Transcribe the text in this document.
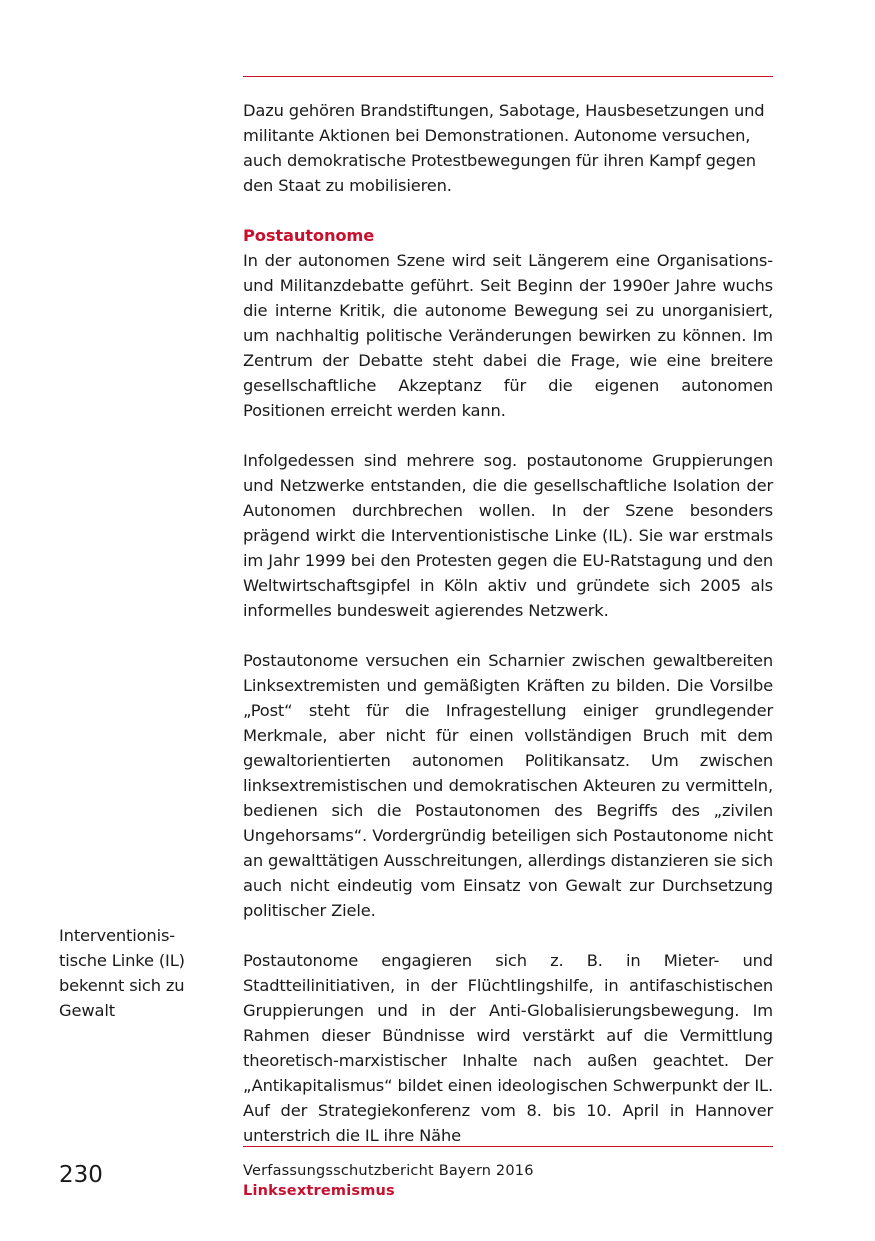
Dazu gehören Brandstiftungen, Sabotage, Hausbesetzungen und militante Aktionen bei Demonstrationen. Autonome versuchen, auch demokratische Protestbewegungen für ihren Kampf gegen den Staat zu mobilisieren.

Postautonome

In der autonomen Szene wird seit Längerem eine Organisations- und Militanzdebatte geführt. Seit Beginn der 1990er Jahre wuchs die interne Kritik, die autonome Bewegung sei zu unorganisiert, um nachhaltig politische Veränderungen bewirken zu können. Im Zentrum der Debatte steht dabei die Frage, wie eine breitere gesellschaftliche Akzeptanz für die eigenen autonomen Positionen erreicht werden kann.

Infolgedessen sind mehrere sog. postautonome Gruppierungen und Netzwerke entstanden, die die gesellschaftliche Isolation der Autonomen durchbrechen wollen. In der Szene besonders prägend wirkt die Interventionistische Linke (IL). Sie war erstmals im Jahr 1999 bei den Protesten gegen die EU-Ratstagung und den Weltwirtschaftsgipfel in Köln aktiv und gründete sich 2005 als informelles bundesweit agierendes Netzwerk.

Postautonome versuchen ein Scharnier zwischen gewaltbereiten Linksextremisten und gemäßigten Kräften zu bilden. Die Vorsilbe „Post“ steht für die Infragestellung einiger grundlegender Merkmale, aber nicht für einen vollständigen Bruch mit dem gewaltorientierten autonomen Politikansatz. Um zwischen linksextremistischen und demokratischen Akteuren zu vermitteln, bedienen sich die Postautonomen des Begriffs des „zivilen Ungehorsams“. Vordergründig beteiligen sich Postautonome nicht an gewalttätigen Ausschreitungen, allerdings distanzieren sie sich auch nicht eindeutig vom Einsatz von Gewalt zur Durchsetzung politischer Ziele.

Postautonome engagieren sich z. B. in Mieter- und Stadtteilinitiativen, in der Flüchtlingshilfe, in antifaschistischen Gruppierungen und in der Anti-Globalisierungsbewegung. Im Rahmen dieser Bündnisse wird verstärkt auf die Vermittlung theoretisch-marxistischer Inhalte nach außen geachtet. Der „Antikapitalismus“ bildet einen ideologischen Schwerpunkt der IL. Auf der Strategiekonferenz vom 8. bis 10. April in Hannover unterstrich die IL ihre Nähe

Interventionis-
tische Linke (IL)
bekennt sich zu
Gewalt
230	Verfassungsschutzbericht Bayern 2016
Linksextremismus
